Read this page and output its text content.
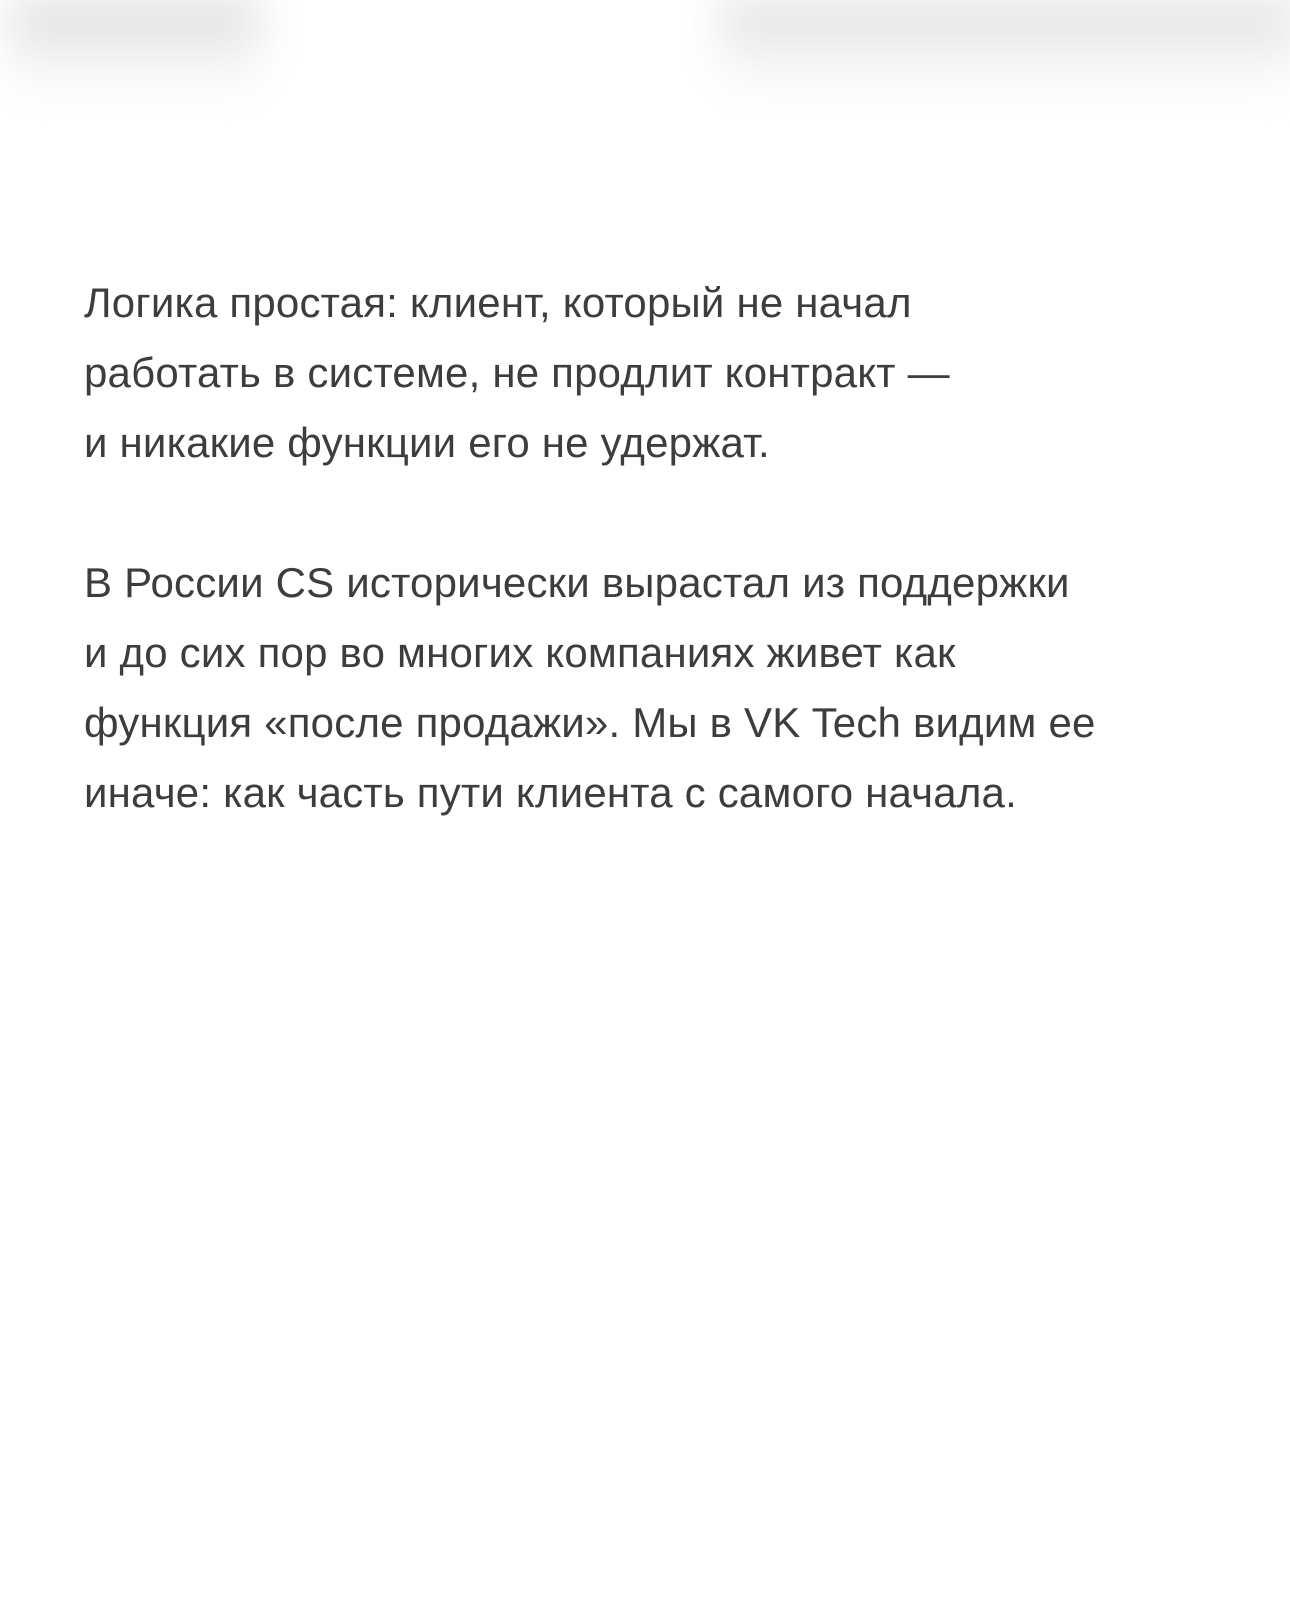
Логика простая: клиент, который не начал
работать в системе, не продлит контракт —
и никакие функции его не удержат.

В России CS исторически вырастал из поддержки
и до сих пор во многих компаниях живет как
функция «после продажи». Мы в VK Tech видим ее
иначе: как часть пути клиента с самого начала.
